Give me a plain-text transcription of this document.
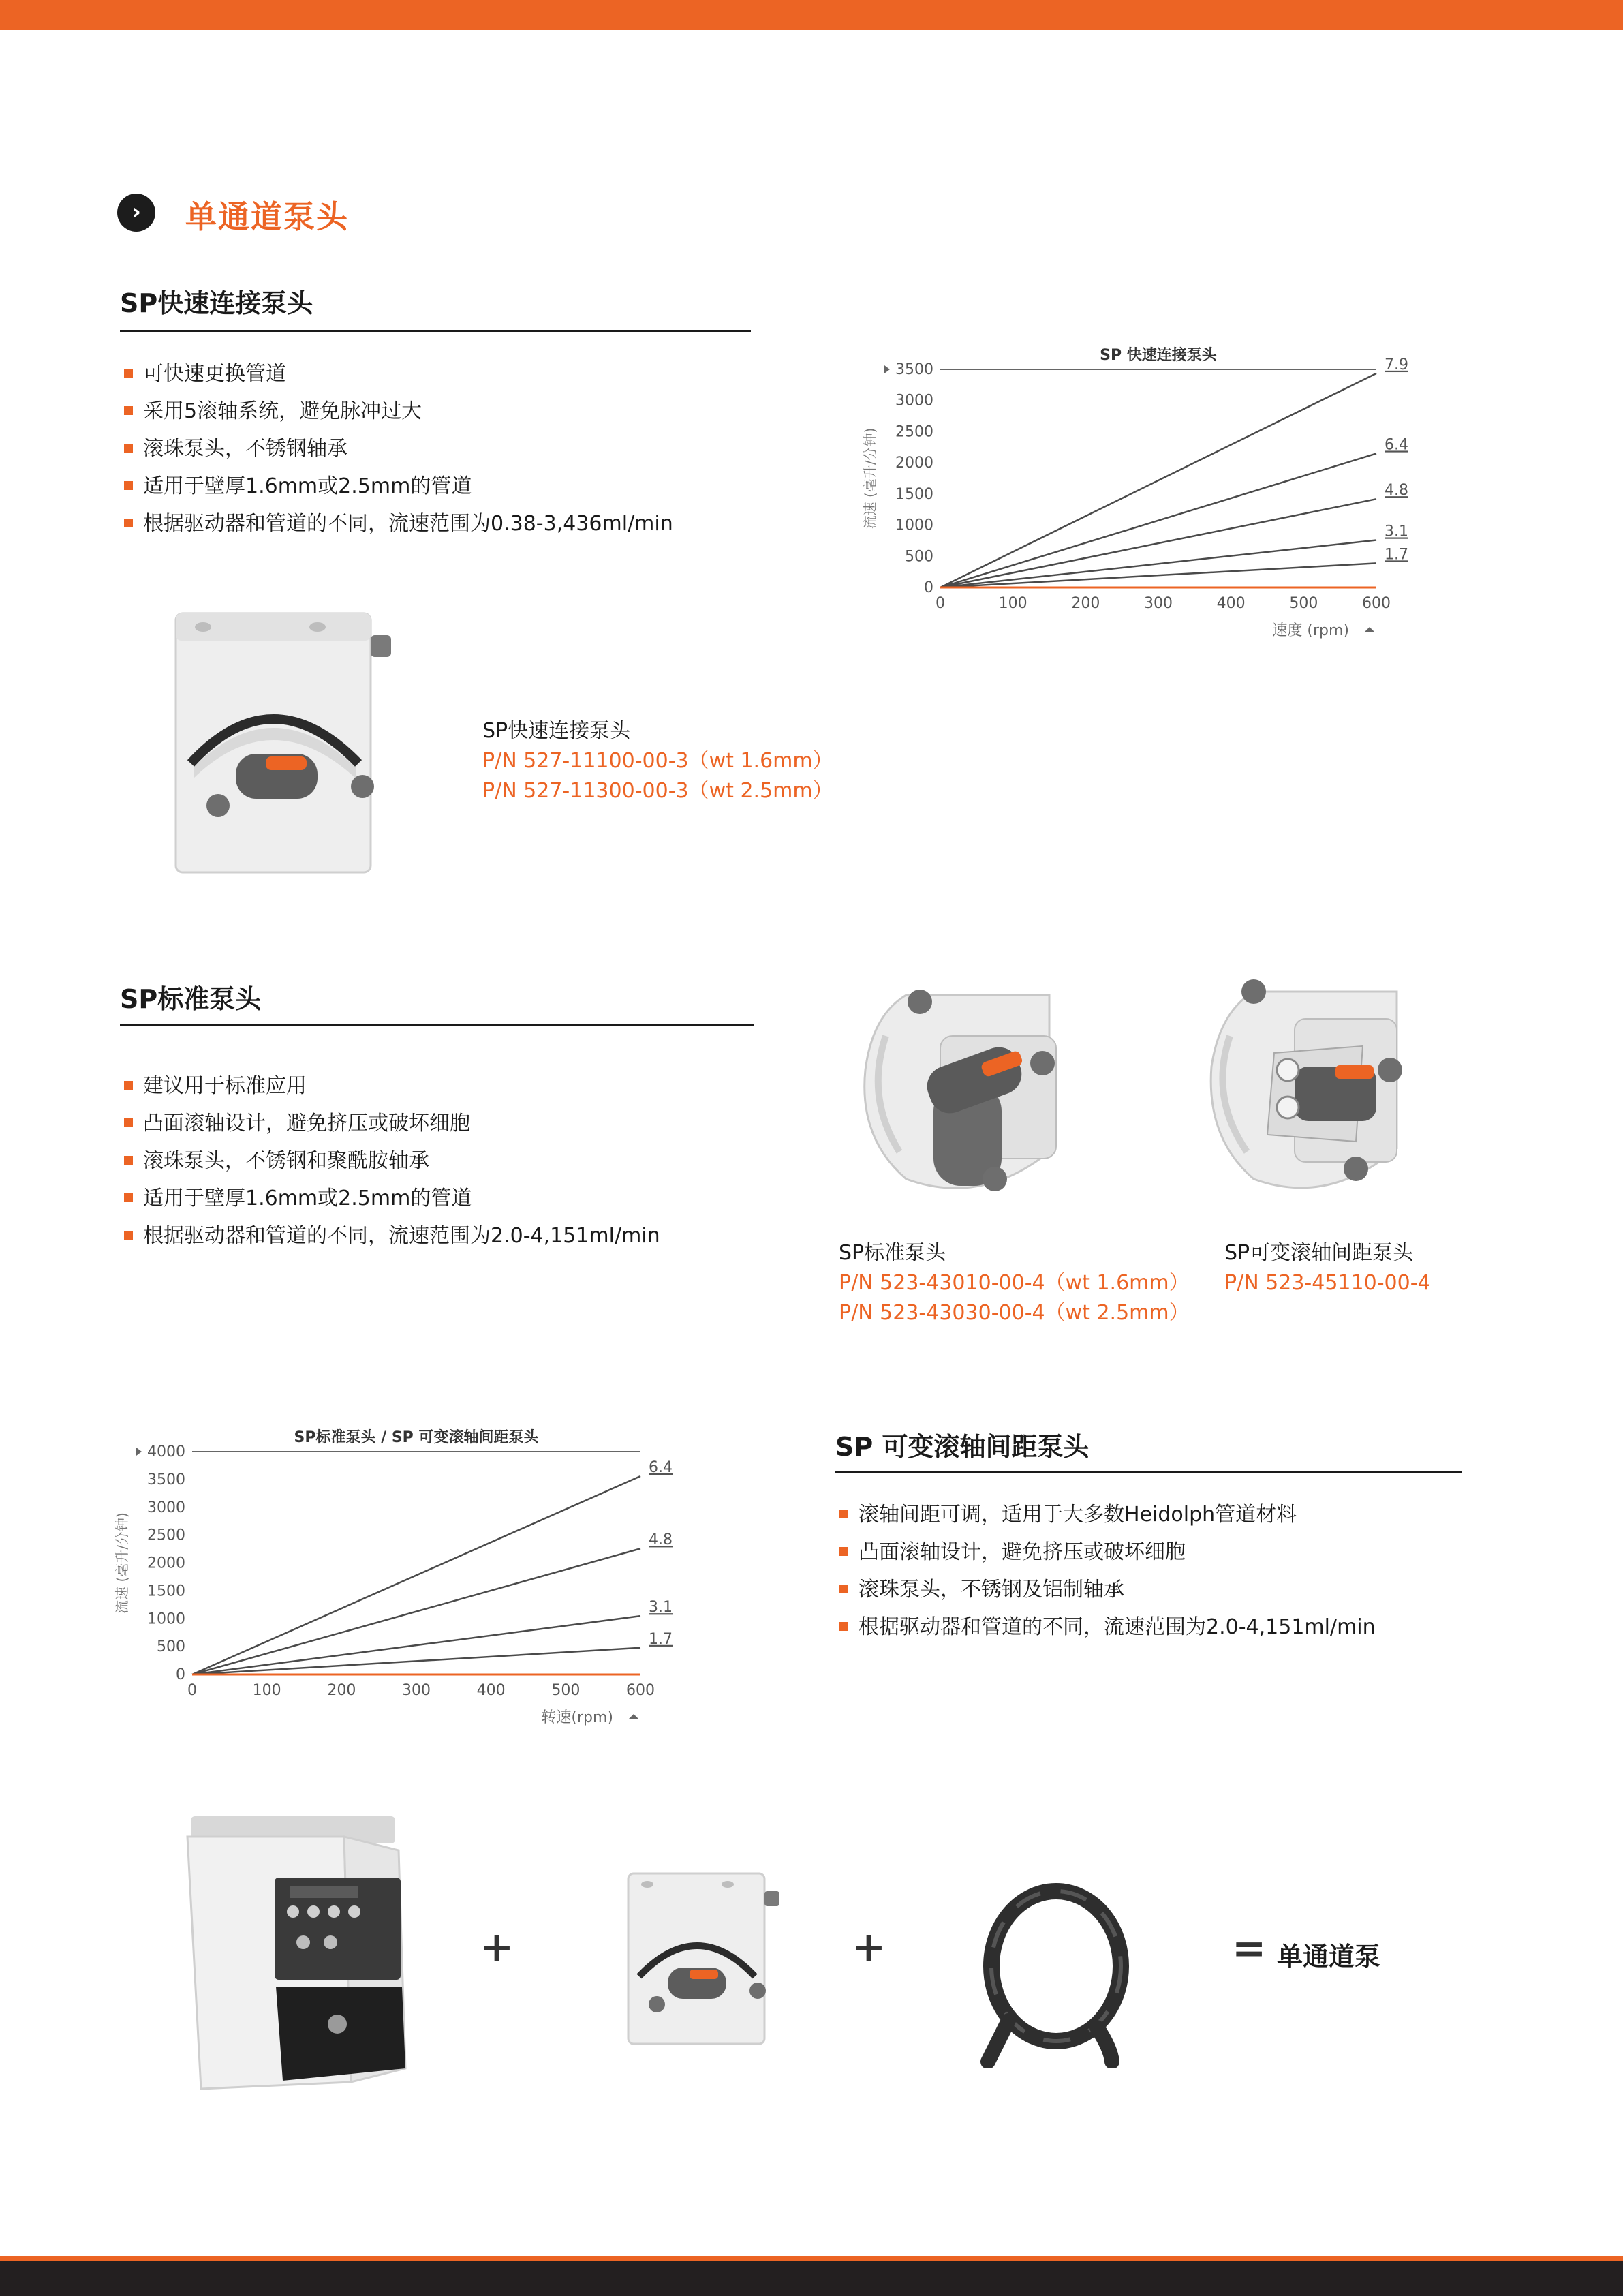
›	单通道泵头
SP快速连接泵头
可快速更换管道
采用5滚轴系统，避免脉冲过大
滚珠泵头，不锈钢轴承
适用于壁厚1.6mm或2.5mm的管道
根据驱动器和管道的不同，流速范围为0.38-3,436ml/min
SP快速连接泵头
P/N 527-11100-00-3（wt 1.6mm）
P/N 527-11300-00-3（wt 2.5mm）
SP 快速连接泵头
0
500
1000
1500
2000
2500
3000
3500
0	100	200	300	400	500	600
流速 (毫升/分钟)
速度 (rpm)
7.9
6.4
4.8
3.1
1.7
SP标准泵头
建议用于标准应用
凸面滚轴设计，避免挤压或破坏细胞
滚珠泵头，不锈钢和聚酰胺轴承
适用于壁厚1.6mm或2.5mm的管道
根据驱动器和管道的不同，流速范围为2.0-4,151ml/min
SP标准泵头
P/N 523-43010-00-4（wt 1.6mm）
P/N 523-43030-00-4（wt 2.5mm）
SP可变滚轴间距泵头
P/N 523-45110-00-4
SP标准泵头 / SP 可变滚轴间距泵头
0
500
1000
1500
2000
2500
3000
3500
4000
0	100	200	300	400	500	600
流速 (毫升/分钟)
转速(rpm)
6.4
4.8
3.1
1.7
SP 可变滚轴间距泵头
滚轴间距可调，适用于大多数Heidolph管道材料
凸面滚轴设计，避免挤压或破坏细胞
滚珠泵头，不锈钢及铝制轴承
根据驱动器和管道的不同，流速范围为2.0-4,151ml/min
+	+	= 单通道泵
